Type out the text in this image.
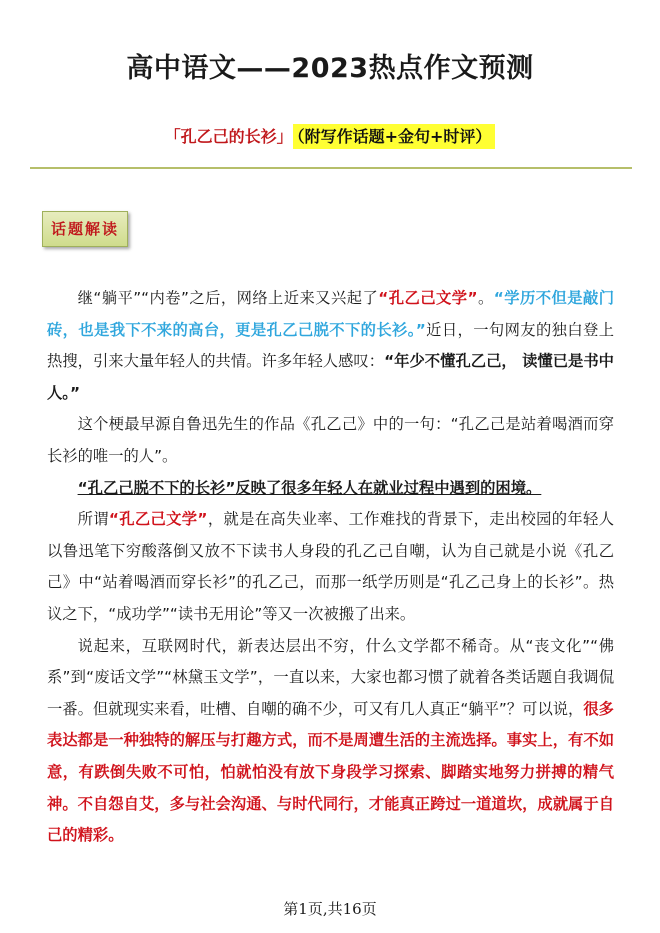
高中语文——2023热点作文预测
「孔乙己的长衫」 （附写作话题+金句+时评）
话题解读

继“躺平”“内卷”之后，网络上近来又兴起了“孔乙己文学”。“学历不但是敲门砖，也是我下不来的高台，更是孔乙己脱不下的长衫。”近日，一句网友的独白登上热搜，引来大量年轻人的共情。许多年轻人感叹：“年少不懂孔乙己， 读懂已是书中人。”

这个梗最早源自鲁迅先生的作品《孔乙己》中的一句：“孔乙己是站着喝酒而穿长衫的唯一的人”。

“孔乙己脱不下的长衫”反映了很多年轻人在就业过程中遇到的困境。

所谓“孔乙己文学”，就是在高失业率、工作难找的背景下，走出校园的年轻人以鲁迅笔下穷酸落倒又放不下读书人身段的孔乙己自嘲，认为自己就是小说《孔乙己》中“站着喝酒而穿长衫”的孔乙己，而那一纸学历则是“孔乙己身上的长衫”。热议之下，“成功学”“读书无用论”等又一次被搬了出来。

说起来，互联网时代，新表达层出不穷，什么文学都不稀奇。从“丧文化”“佛系”到“废话文学”“林黛玉文学”，一直以来，大家也都习惯了就着各类话题自我调侃一番。但就现实来看，吐槽、自嘲的确不少，可又有几人真正“躺平”？可以说，很多表达都是一种独特的解压与打趣方式，而不是周遭生活的主流选择。事实上，有不如意，有跌倒失败不可怕，怕就怕没有放下身段学习探索、脚踏实地努力拼搏的精气神。不自怨自艾，多与社会沟通、与时代同行，才能真正跨过一道道坎，成就属于自己的精彩。

第1页,共16页
